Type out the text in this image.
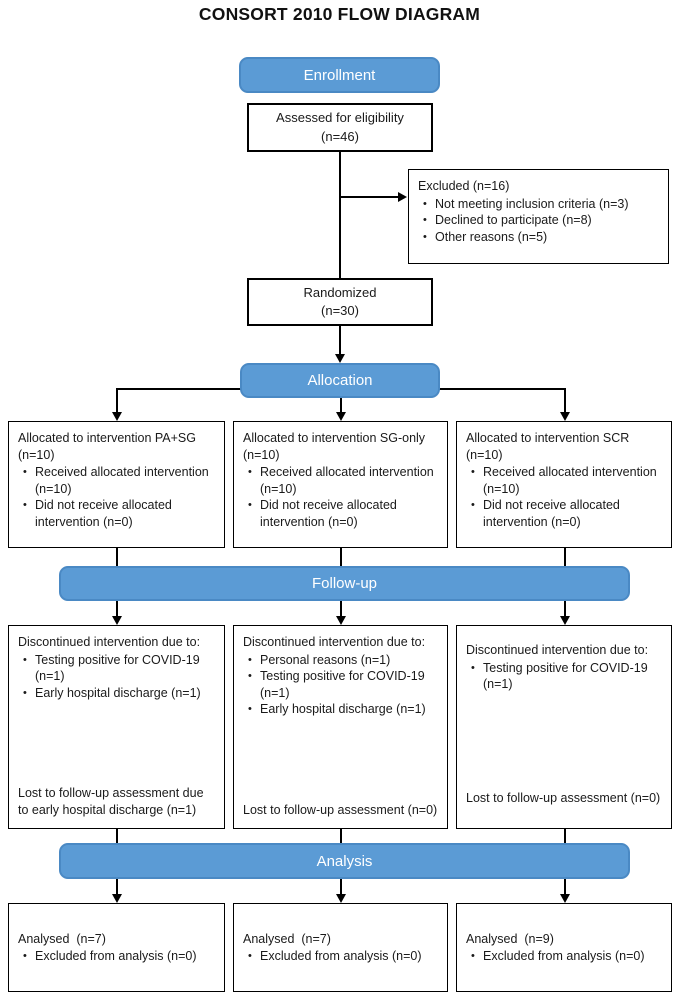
CONSORT 2010 FLOW DIAGRAM
Enrollment
Allocation
Follow-up
Analysis
Assessed for eligibility
(n=46)
Excluded (n=16)
• Not meeting inclusion criteria (n=3)
• Declined to participate (n=8)
• Other reasons (n=5)
Randomized
(n=30)
Allocated to intervention PA+SG (n=10)
• Received allocated intervention (n=10)
• Did not receive allocated intervention (n=0)
Allocated to intervention SG-only (n=10)
• Received allocated intervention (n=10)
• Did not receive allocated intervention (n=0)
Allocated to intervention SCR (n=10)
• Received allocated intervention (n=10)
• Did not receive allocated intervention (n=0)
Discontinued intervention due to:
• Testing positive for COVID-19 (n=1)
• Early hospital discharge (n=1)
Lost to follow-up assessment due to early hospital discharge (n=1)
Discontinued intervention due to:
• Personal reasons (n=1)
• Testing positive for COVID-19 (n=1)
• Early hospital discharge (n=1)
Lost to follow-up assessment (n=0)
Discontinued intervention due to:
• Testing positive for COVID-19 (n=1)
Lost to follow-up assessment (n=0)
Analysed  (n=7)
• Excluded from analysis (n=0)
Analysed  (n=7)
• Excluded from analysis (n=0)
Analysed  (n=9)
• Excluded from analysis (n=0)
